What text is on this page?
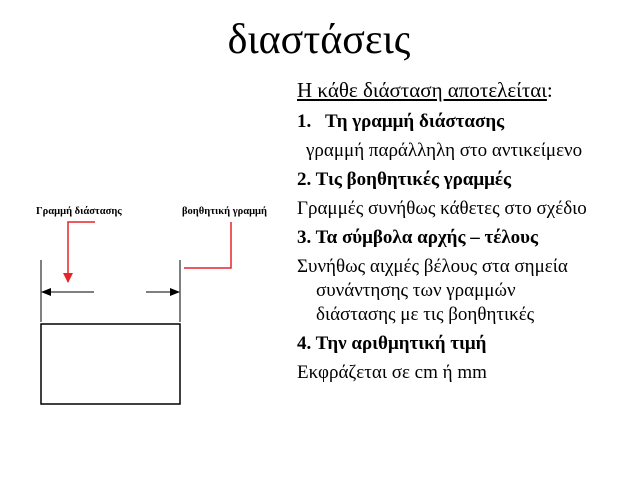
διαστάσεις
Γραμμή διάστασης	βοηθητική γραμμή
Η κάθε διάσταση αποτελείται:
1. Τη γραμμή διάστασης
γραμμή παράλληλη στο αντικείμενο
2. Τις βοηθητικές γραμμές
Γραμμές συνήθως κάθετες στο σχέδιο
3. Τα σύμβολα αρχής – τέλους
Συνήθως αιχμές βέλους στα σημεία
συνάντησης των γραμμών
διάστασης με τις βοηθητικές
4. Την αριθμητική τιμή
Εκφράζεται σε cm ή mm
